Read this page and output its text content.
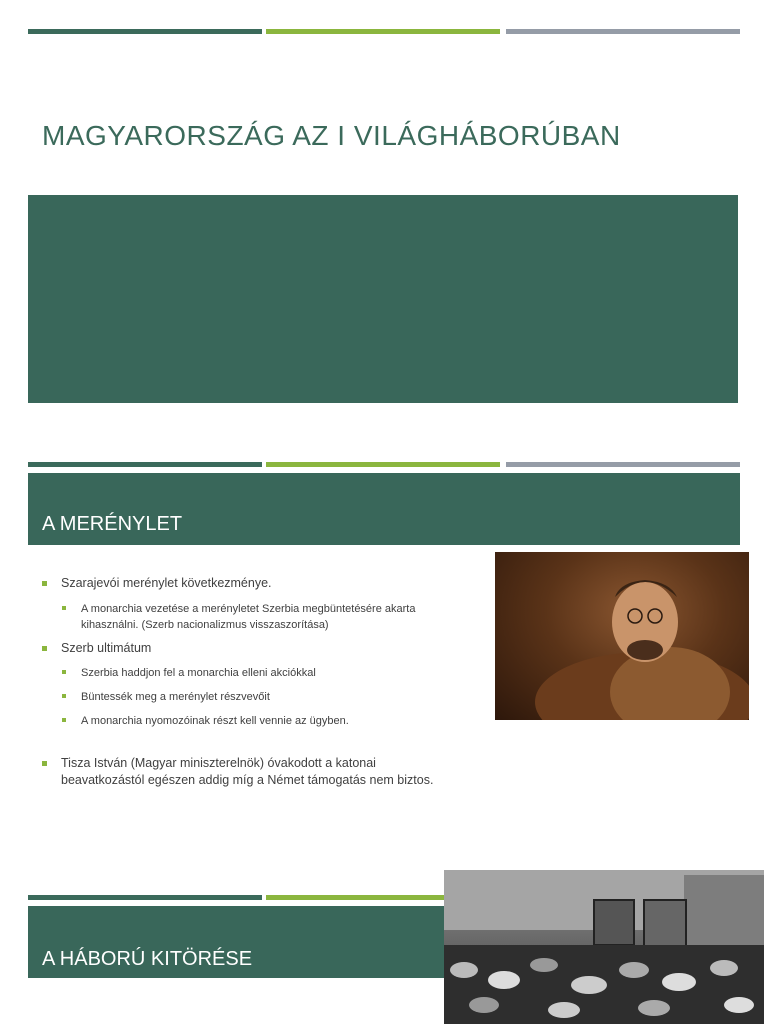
MAGYARORSZÁG AZ I VILÁGHÁBORÚBAN
A MERÉNYLET
Szarajevói merénylet következménye.
A monarchia vezetése a merényletet Szerbia megbüntetésére akarta kihasználni. (Szerb nacionalizmus visszaszorítása)
Szerb ultimátum
Szerbia haddjon fel a monarchia elleni akciókkal
Büntessék meg a merénylet részvevőit
A monarchia nyomozóinak részt kell vennie az ügyben.
Tisza István (Magyar miniszterelnök) óvakodott a katonai beavatkozástól egészen addig míg a Német támogatás nem biztos.
A HÁBORÚ KITÖRÉSE
